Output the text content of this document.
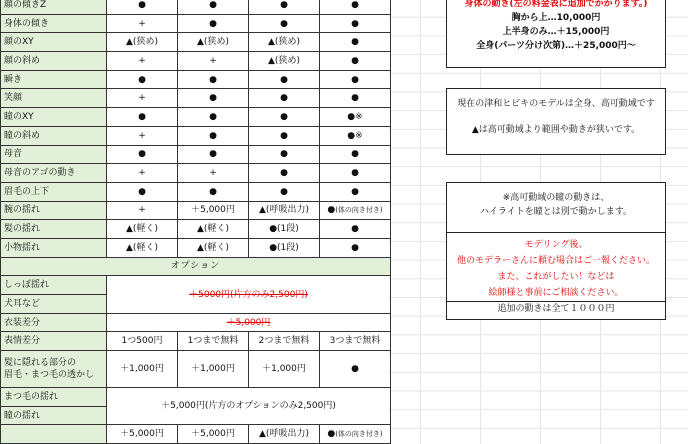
顔の傾きZ	●	●	●	●
身体の傾き	+	●	●	●
顔のXY	▲(狭め)	▲(狭め)	▲(狭め)	●
顔の斜め	+	+	▲(狭め)	●
瞬き	●	●	●	●
笑顔	+	●	●	●
瞳のXY	●	●	●	●※
瞳の斜め	+	●	●	●※
母音	●	●	●	●
母音のアゴの動き	+	+	●	●
眉毛の上下	●	●	●	●
腕の揺れ	+	＋5,000円	▲(呼吸出力)	●(体の向き付き)
髪の揺れ	▲(軽く)	▲(軽く)	●(1段)	●
小物揺れ	▲(軽く)	▲(軽く)	●(1段)	●
オプション				
しっぽ揺れ	＋5000円(片方のみ2,500円)			
犬耳など				
衣装差分	＋5,000円			
表情差分	1つ500円	1つまで無料	2つまで無料	3つまで無料

髪に隠れる部分の
眉毛・まつ毛の透かし	＋1,000円	＋1,000円	＋1,000円	●
まつ毛の揺れ	＋5,000円(片方のオプションのみ2,500円)			
瞳の揺れ				
	＋5,000円	＋5,000円	▲(呼吸出力)	●(体の向き付き)
身体の動き(左の料金表に追加でかかります。)
胸から上…10,000円
上半身のみ…＋15,000円
全身(パーツ分け次第)…＋25,000円〜

現在の津和ヒビキのモデルは全身、高可動域です

▲は高可動域より範囲や動きが狭いです。

※高可動域の瞳の動きは、
ハイライトを瞳とは別で動かします。
モデリング後、
他のモデラーさんに頼む場合はご一報ください。
また、これがしたい！などは
絵師様と事前にご相談ください。
追加の動きは全て１０００円
